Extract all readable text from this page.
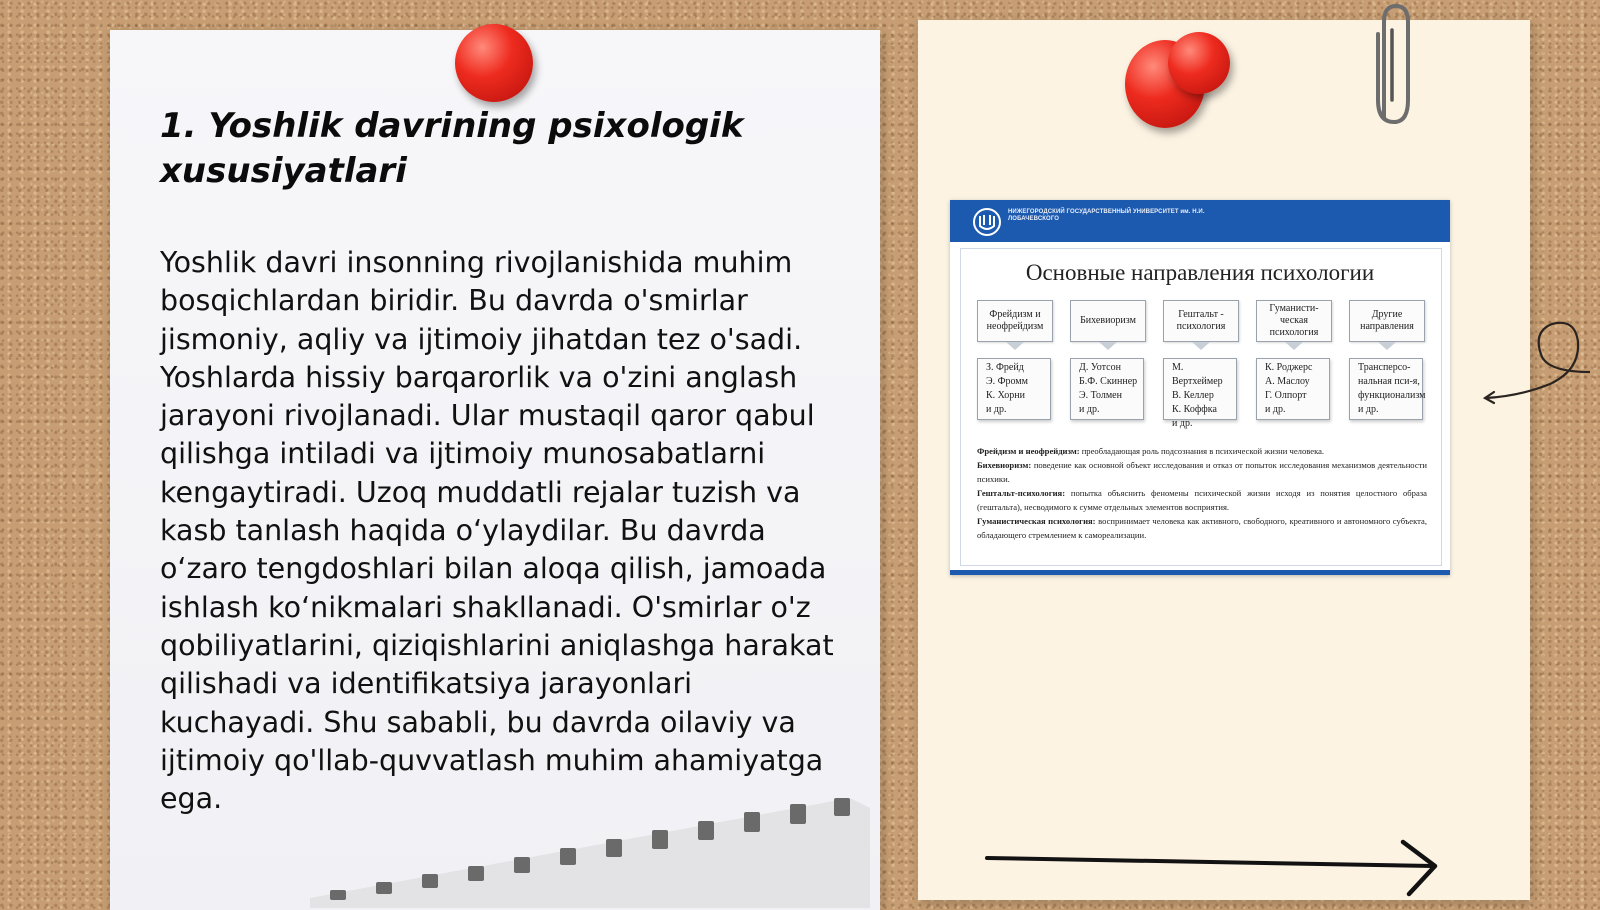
1. Yoshlik davrining psixologik xususiyatlari

Yoshlik davri insonning rivojlanishida muhim bosqichlardan biridir. Bu davrda o'smirlar jismoniy, aqliy va ijtimoiy jihatdan tez o'sadi. Yoshlarda hissiy barqarorlik va o'zini anglash jarayoni rivojlanadi. Ular mustaqil qaror qabul qilishga intiladi va ijtimoiy munosabatlarni kengaytiradi. Uzoq muddatli rejalar tuzish va kasb tanlash haqida o‘ylaydilar. Bu davrda o‘zaro tengdoshlari bilan aloqa qilish, jamoada ishlash ko‘nikmalari shakllanadi. O'smirlar o'z qobiliyatlarini, qiziqishlarini aniqlashga harakat qilishadi va identifikatsiya jarayonlari kuchayadi. Shu sababli, bu davrda oilaviy va ijtimoiy qo'llab-quvvatlash muhim ahamiyatga ega.

НИЖЕГОРОДСКИЙ ГОСУДАРСТВЕННЫЙ УНИВЕРСИТЕТ им. Н.И. ЛОБАЧЕВСКОГО

Основные направления психологии

Фрейдизм и
неофрейдизм
Бихевиоризм
Гештальт -
психология
Гуманисти-
ческая
психология
Другие
направления
З. Фрейд
Э. Фромм
К. Хорни
и др.
Д. Уотсон
Б.Ф. Скиннер
Э. Толмен
и др.
М. Вертхеймер
В. Келлер
К. Коффка
и др.
К. Роджерс
А. Маслоу
Г. Олпорт
и др.
Трансперсо-
нальная пси-я,
функционализм
и др.

Фрейдизм и неофрейдизм: преобладающая роль подсознания в психической жизни человека.
Бихевиоризм: поведение как основной объект исследования и отказ от попыток исследования механизмов деятельности психики.
Гештальт-психология: попытка объяснить феномены психической жизни исходя из понятия целостного образа (гештальта), несводимого к сумме отдельных элементов восприятия.
Гуманистическая психология: воспринимает человека как активного, свободного, креативного и автономного субъекта, обладающего стремлением к самореализации.
